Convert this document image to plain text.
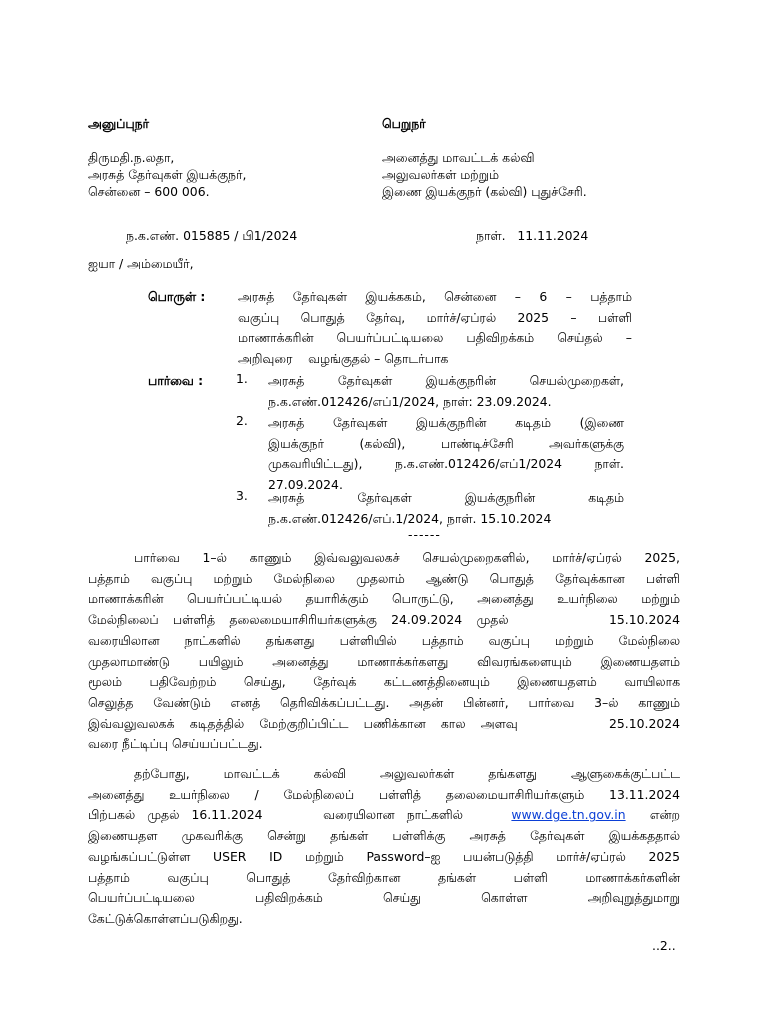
அனுப்புநர்
திருமதி.ந.லதா,
அரசுத் தேர்வுகள் இயக்குநர்,
சென்னை – 600 006.
பெறுநர்
அனைத்து மாவட்டக் கல்வி
அலுவலர்கள் மற்றும்
இணை இயக்குநர் (கல்வி) புதுச்சேரி.
ந.க.எண். 015885 / பி1/2024	நாள்.   11.11.2024
ஐயா / அம்மையீர்,
பொருள் :	அரசுத் தேர்வுகள் இயக்ககம், சென்னை – 6 – பத்தாம்
வகுப்பு பொதுத் தேர்வு, மார்ச்/ஏப்ரல் 2025 – பள்ளி
மாணாக்கரின் பெயர்ப்பட்டியலை பதிவிறக்கம் செய்தல் –
அறிவுரை    வழங்குதல் – தொடர்பாக
பார்வை :	1. அரசுத் தேர்வுகள் இயக்குநரின் செயல்முறைகள்,
ந.க.எண்.012426/எப்1/2024, நாள்: 23.09.2024.
2. அரசுத் தேர்வுகள் இயக்குநரின் கடிதம் (இணை
இயக்குநர் (கல்வி), பாண்டிச்சேரி அவர்களுக்கு
முகவரியிட்டது), ந.க.எண்.012426/எப்1/2024 நாள்.
27.09.2024.
3. அரசுத் தேர்வுகள் இயக்குநரின் கடிதம்
ந.க.எண்.012426/எப்.1/2024, நாள். 15.10.2024
------
பார்வை 1–ல் காணும் இவ்வலுவலகச் செயல்முறைகளில், மார்ச்/ஏப்ரல் 2025,
பத்தாம் வகுப்பு மற்றும் மேல்நிலை முதலாம் ஆண்டு பொதுத் தேர்வுக்கான பள்ளி
மாணாக்கரின் பெயர்ப்பட்டியல் தயாரிக்கும் பொருட்டு, அனைத்து உயர்நிலை மற்றும்
மேல்நிலைப் பள்ளித் தலைமையாசிரியர்களுக்கு 24.09.2024 முதல்       15.10.2024
வரையிலான நாட்களில் தங்களது பள்ளியில் பத்தாம் வகுப்பு மற்றும் மேல்நிலை
முதலாமாண்டு பயிலும் அனைத்து மாணாக்கர்களது விவரங்களையும் இணையதளம்
மூலம் பதிவேற்றம் செய்து, தேர்வுக் கட்டணத்தினையும் இணையதளம் வாயிலாக
செலுத்த வேண்டும் எனத் தெரிவிக்கப்பட்டது. அதன் பின்னர், பார்வை 3–ல் காணும்
இவ்வலுவலகக் கடிதத்தில் மேற்குறிப்பிட்ட பணிக்கான கால அளவு      25.10.2024
வரை நீட்டிப்பு செய்யப்பட்டது.
தற்போது, மாவட்டக் கல்வி அலுவலர்கள் தங்களது ஆளுகைக்குட்பட்ட
அனைத்து உயர்நிலை / மேல்நிலைப் பள்ளித் தலைமையாசிரியர்களும் 13.11.2024
பிற்பகல் முதல் 16.11.2024     வரையிலான நாட்களில்	www.dge.tn.gov.in என்ற
இணையதள முகவரிக்கு சென்று தங்கள் பள்ளிக்கு அரசுத் தேர்வுகள் இயக்கததால்
வழங்கப்பட்டுள்ள USER ID மற்றும் Password–ஐ பயன்படுத்தி மார்ச்/ஏப்ரல் 2025
பத்தாம் வகுப்பு பொதுத் தேர்விற்கான தங்கள் பள்ளி மாணாக்கர்களின்
பெயர்ப்பட்டியலை பதிவிறக்கம் செய்து கொள்ள அறிவுறுத்துமாறு
கேட்டுக்கொள்ளப்படுகிறது.
..2..
